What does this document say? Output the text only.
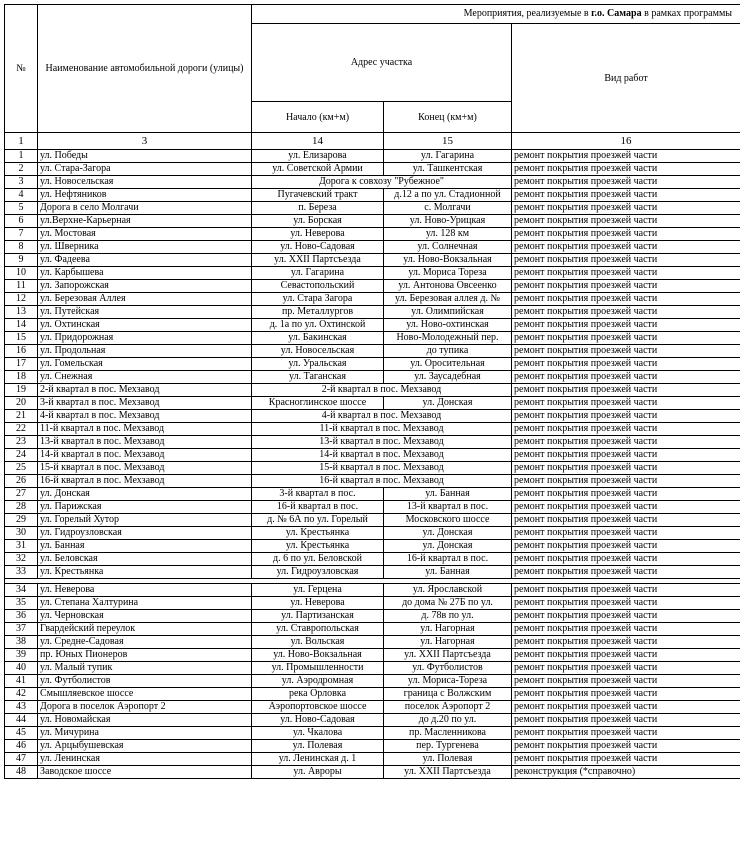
№	Наименование автомобильной дороги (улицы)	Мероприятия, реализуемые в г.о. Самара в рамках программы		
		Адрес участка		Вид работ
		Начало (км+м)	Конец (км+м)	
1	3	14	15	16
1	ул. Победы	ул. Елизарова	ул. Гагарина	ремонт покрытия проезжей части
2	ул. Стара-Загора	ул. Советской Армии	ул. Ташкентская	ремонт покрытия проезжей части
3	ул. Новосельская	Дорога к совхозу "Рубежное"		ремонт покрытия проезжей части
4	ул. Нефтяников	Пугачевский тракт	д.12 а по ул. Стадионной	ремонт покрытия проезжей части
5	Дорога в село Молгачи	п. Береза	с. Молгачи	ремонт покрытия проезжей части
6	ул.Верхне-Карьерная	ул. Борская	ул. Ново-Урицкая	ремонт покрытия проезжей части
7	ул. Мостовая	ул. Неверова	ул. 128 км	ремонт покрытия проезжей части
8	ул. Шверника	ул. Ново-Садовая	ул. Солнечная	ремонт покрытия проезжей части
9	ул. Фадеева	ул. XXII Партсъезда	ул. Ново-Вокзальная	ремонт покрытия проезжей части
10	ул. Карбышева	ул. Гагарина	ул. Мориса Тореза	ремонт покрытия проезжей части
11	ул. Запорожская	Севастопольский	ул. Антонова Овсеенко	ремонт покрытия проезжей части
12	ул. Березовая Аллея	ул. Стара Загора	ул. Березовая аллея д. №	ремонт покрытия проезжей части
13	ул. Путейская	пр. Металлургов	ул. Олимпийская	ремонт покрытия проезжей части
14	ул. Охтинская	д. 1а по ул. Охтинской	ул. Ново-охтинская	ремонт покрытия проезжей части
15	ул. Придорожная	ул. Бакинская	Ново-Молодежный пер.	ремонт покрытия проезжей части
16	ул. Продольная	ул. Новосельская	до тупика	ремонт покрытия проезжей части
17	ул. Гомельская	ул. Уральская	ул. Оросительная	ремонт покрытия проезжей части
18	ул. Снежная	ул. Таганская	ул. Заусадебная	ремонт покрытия проезжей части
19	2-й квартал в пос. Мехзавод	2-й квартал в пос. Мехзавод		ремонт покрытия проезжей части
20	3-й квартал в пос. Мехзавод	Красноглинское шоссе	ул. Донская	ремонт покрытия проезжей части
21	4-й квартал в пос. Мехзавод	4-й квартал в пос. Мехзавод		ремонт покрытия проезжей части
22	11-й квартал в пос. Мехзавод	11-й квартал в пос. Мехзавод		ремонт покрытия проезжей части
23	13-й квартал в пос. Мехзавод	13-й квартал в пос. Мехзавод		ремонт покрытия проезжей части
24	14-й квартал в пос. Мехзавод	14-й квартал в пос. Мехзавод		ремонт покрытия проезжей части
25	15-й квартал в пос. Мехзавод	15-й квартал в пос. Мехзавод		ремонт покрытия проезжей части
26	16-й квартал в пос. Мехзавод	16-й квартал в пос. Мехзавод		ремонт покрытия проезжей части
27	ул. Донская	3-й квартал в пос.	ул. Банная	ремонт покрытия проезжей части
28	ул. Парижская	16-й квартал в пос.	13-й квартал в пос.	ремонт покрытия проезжей части
29	ул. Горелый Хутор	д. № 6А по ул. Горелый	Московского шоссе	ремонт покрытия проезжей части
30	ул. Гидроузловская	ул. Крестьянка	ул. Донская	ремонт покрытия проезжей части
31	ул. Банная	ул. Крестьянка	ул. Донская	ремонт покрытия проезжей части
32	ул. Беловская	д. 6 по ул. Беловской	16-й квартал в пос.	ремонт покрытия проезжей части
33	ул. Крестьянка	ул. Гидроузловская	ул. Банная	ремонт покрытия проезжей части

34	ул. Неверова	ул. Герцена	ул. Ярославской	ремонт покрытия проезжей части
35	ул. Степана Халтурина	ул. Неверова	до дома № 27Б по ул.	ремонт покрытия проезжей части
36	ул. Черновская	ул. Партизанская	д. 78в по ул.	ремонт покрытия проезжей части
37	Гвардейский переулок	ул. Ставропольская	ул. Нагорная	ремонт покрытия проезжей части
38	ул. Средне-Садовая	ул. Вольская	ул. Нагорная	ремонт покрытия проезжей части
39	пр. Юных Пионеров	ул. Ново-Вокзальная	ул. XXII Партсъезда	ремонт покрытия проезжей части
40	ул. Малый тупик	ул. Промышленности	ул. Футболистов	ремонт покрытия проезжей части
41	ул. Футболистов	ул. Аэродромная	ул. Мориса-Тореза	ремонт покрытия проезжей части
42	Смышляевское шоссе	река Орловка	граница с Волжским	ремонт покрытия проезжей части
43	Дорога в поселок Аэропорт 2	Аэропортовское шоссе	поселок Аэропорт 2	ремонт покрытия проезжей части
44	ул. Новомайская	ул. Ново-Садовая	до д.20 по ул.	ремонт покрытия проезжей части
45	ул. Мичурина	ул. Чкалова	пр. Масленникова	ремонт покрытия проезжей части
46	ул. Арцыбушевская	ул. Полевая	пер. Тургенева	ремонт покрытия проезжей части
47	ул. Ленинская	ул. Ленинская д. 1	ул. Полевая	ремонт покрытия проезжей части
48	Заводское шоссе	ул. Авроры	ул. XXII Партсъезда	реконструкция (*справочно)
